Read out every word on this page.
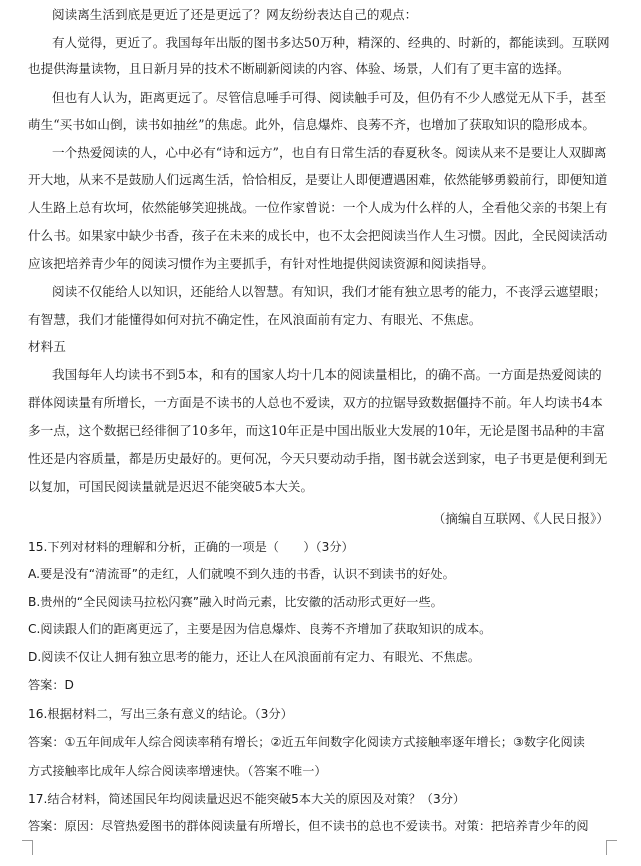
阅读离生活到底是更近了还是更远了？网友纷纷表达自己的观点：
有人觉得，更近了。我国每年出版的图书多达50万种，精深的、经典的、时新的，都能读到。互联网
也提供海量读物，且日新月异的技术不断刷新阅读的内容、体验、场景，人们有了更丰富的选择。
但也有人认为，距离更远了。尽管信息唾手可得、阅读触手可及，但仍有不少人感觉无从下手，甚至
萌生“买书如山倒，读书如抽丝”的焦虑。此外，信息爆炸、良莠不齐，也增加了获取知识的隐形成本。
一个热爱阅读的人，心中必有“诗和远方”，也自有日常生活的春夏秋冬。阅读从来不是要让人双脚离
开大地，从来不是鼓励人们远离生活，恰恰相反，是要让人即便遭遇困难，依然能够勇毅前行，即便知道
人生路上总有坎坷，依然能够笑迎挑战。一位作家曾说：一个人成为什么样的人，全看他父亲的书架上有
什么书。如果家中缺少书香，孩子在未来的成长中，也不太会把阅读当作人生习惯。因此，全民阅读活动
应该把培养青少年的阅读习惯作为主要抓手，有针对性地提供阅读资源和阅读指导。
阅读不仅能给人以知识，还能给人以智慧。有知识，我们才能有独立思考的能力，不丧浮云遮望眼；
有智慧，我们才能懂得如何对抗不确定性，在风浪面前有定力、有眼光、不焦虑。
材料五
我国每年人均读书不到5本，和有的国家人均十几本的阅读量相比，的确不高。一方面是热爱阅读的
群体阅读量有所增长，一方面是不读书的人总也不爱读，双方的拉锯导致数据僵持不前。年人均读书4本
多一点，这个数据已经徘徊了10多年，而这10年正是中国出版业大发展的10年，无论是图书品种的丰富
性还是内容质量，都是历史最好的。更何况，今天只要动动手指，图书就会送到家，电子书更是便利到无
以复加，可国民阅读量就是迟迟不能突破5本大关。
（摘编自互联网、《人民日报》）
15.下列对材料的理解和分析，正确的一项是（　　）（3分）
A.要是没有“清流哥”的走红，人们就嗅不到久违的书香，认识不到读书的好处。
B.贵州的“全民阅读马拉松闪赛”融入时尚元素，比安徽的活动形式更好一些。
C.阅读跟人们的距离更远了，主要是因为信息爆炸、良莠不齐增加了获取知识的成本。
D.阅读不仅让人拥有独立思考的能力，还让人在风浪面前有定力、有眼光、不焦虑。
答案：D
16.根据材料二，写出三条有意义的结论。（3分）
答案：①五年间成年人综合阅读率稍有增长；②近五年间数字化阅读方式接触率逐年增长；③数字化阅读
方式接触率比成年人综合阅读率增速快。（答案不唯一）
17.结合材料，简述国民年均阅读量迟迟不能突破5本大关的原因及对策？（3分）
答案：原因：尽管热爱图书的群体阅读量有所增长，但不读书的总也不爱读书。对策：把培养青少年的阅
